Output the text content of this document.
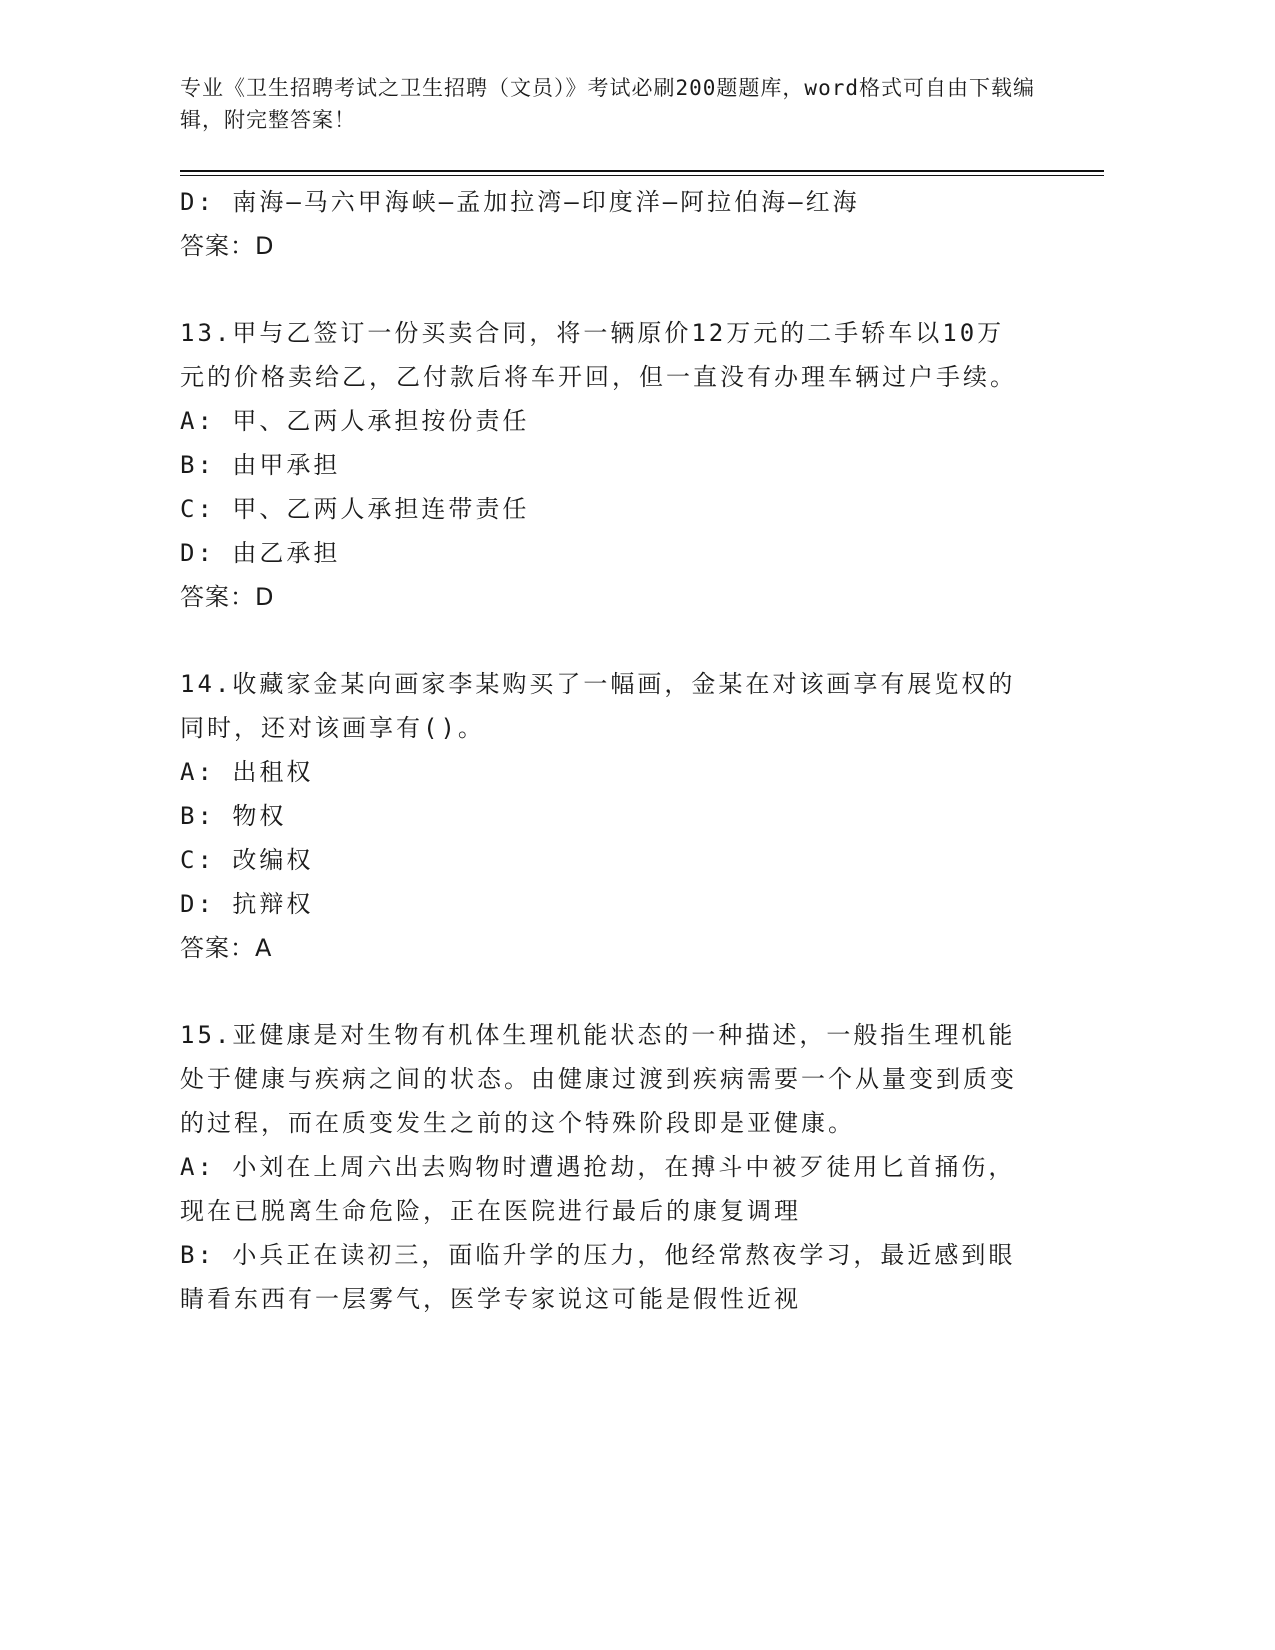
专业《卫生招聘考试之卫生招聘（文员）》考试必刷200题题库，word格式可自由下载编辑，附完整答案！
D: 南海—马六甲海峡—孟加拉湾—印度洋—阿拉伯海—红海
答案：D
13.甲与乙签订一份买卖合同，将一辆原价12万元的二手轿车以10万元的价格卖给乙，乙付款后将车开回，但一直没有办理车辆过户手续。
A: 甲、乙两人承担按份责任
B: 由甲承担
C: 甲、乙两人承担连带责任
D: 由乙承担
答案：D
14.收藏家金某向画家李某购买了一幅画，金某在对该画享有展览权的同时，还对该画享有()。
A: 出租权
B: 物权
C: 改编权
D: 抗辩权
答案：A
15.亚健康是对生物有机体生理机能状态的一种描述，一般指生理机能处于健康与疾病之间的状态。由健康过渡到疾病需要一个从量变到质变的过程，而在质变发生之前的这个特殊阶段即是亚健康。
A: 小刘在上周六出去购物时遭遇抢劫，在搏斗中被歹徒用匕首捅伤，现在已脱离生命危险，正在医院进行最后的康复调理
B: 小兵正在读初三，面临升学的压力，他经常熬夜学习，最近感到眼睛看东西有一层雾气，医学专家说这可能是假性近视
